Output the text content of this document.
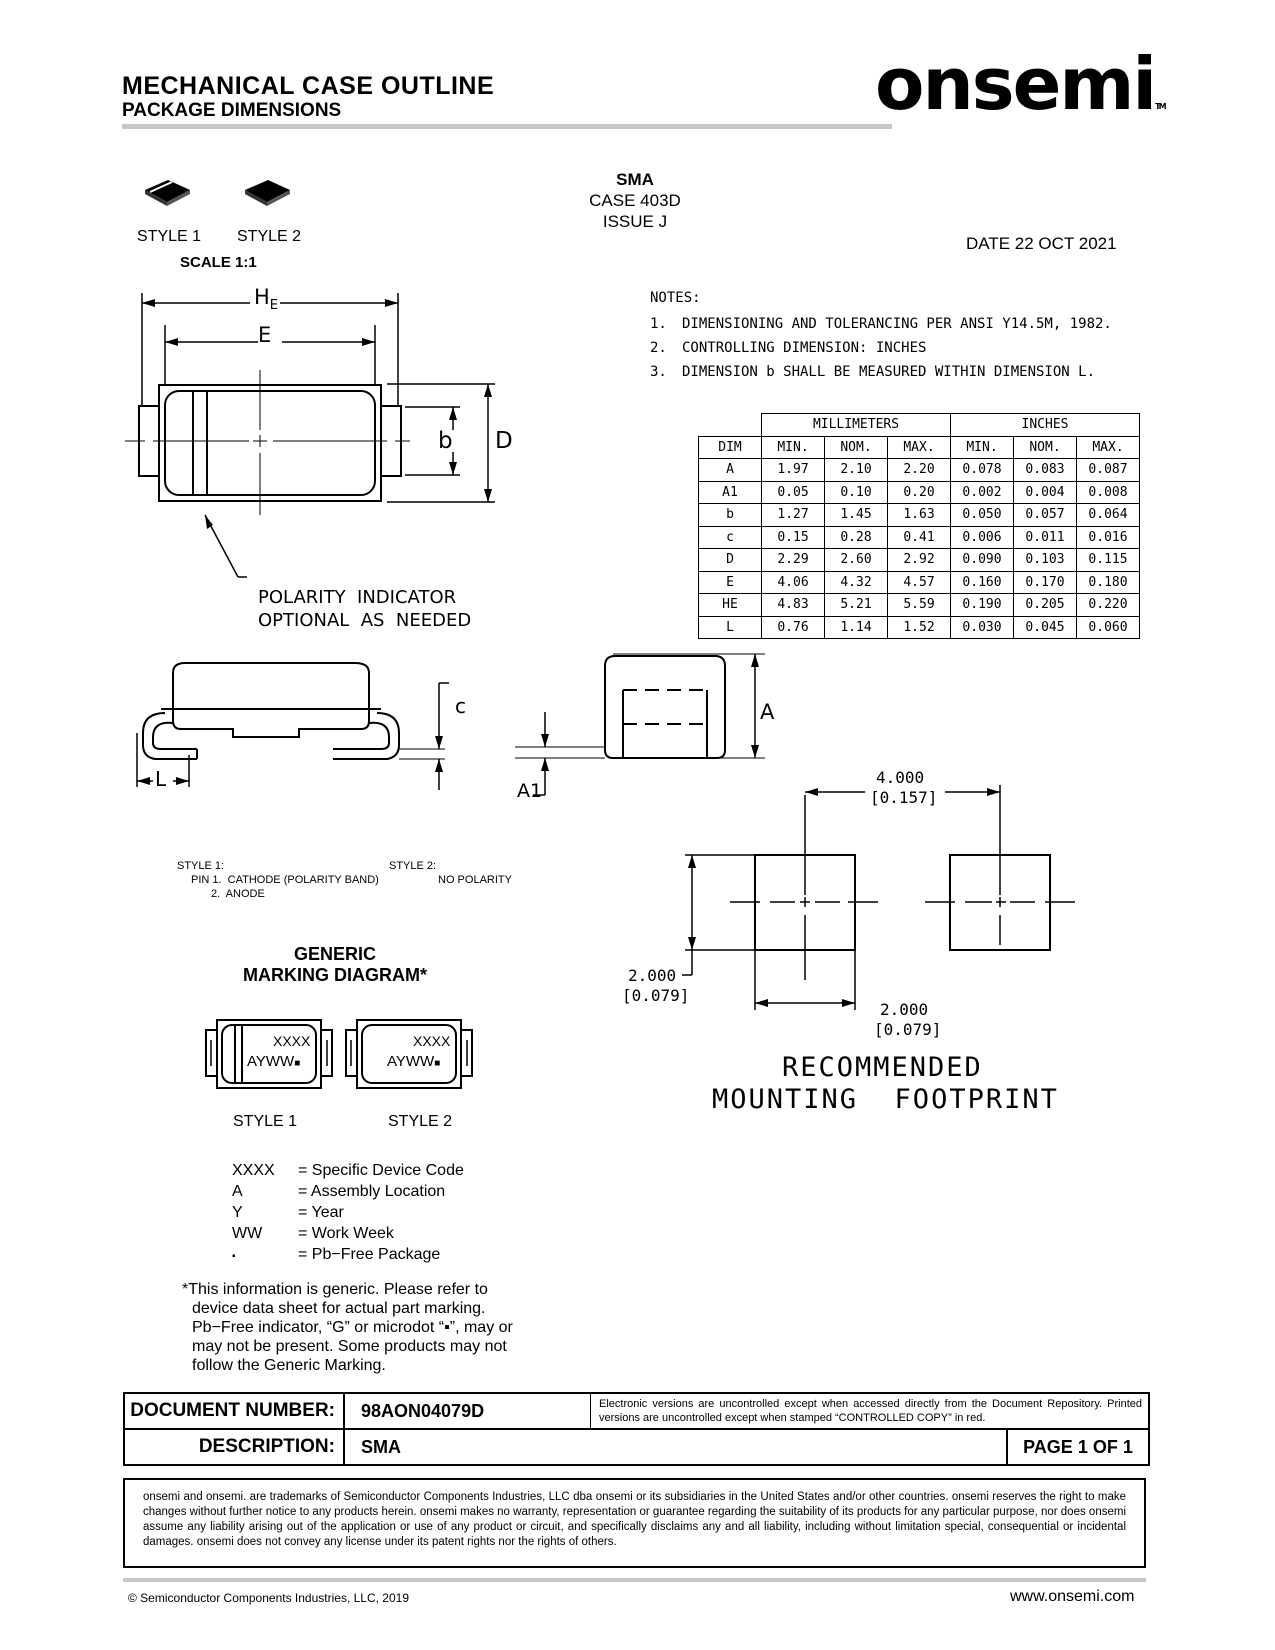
MECHANICAL CASE OUTLINE
PACKAGE DIMENSIONS	onsemiTM
SMA
CASE 403D
ISSUE J
DATE 22 OCT 2021
STYLE 1 STYLE 2
SCALE 1:1
$H_E$
E
b D
POLARITY  INDICATOR
OPTIONAL  AS  NEEDED
NOTES:
1. DIMENSIONING AND TOLERANCING PER ANSI Y14.5M, 1982.
2. CONTROLLING DIMENSION: INCHES
3. DIMENSION b SHALL BE MEASURED WITHIN DIMENSION L.
	MILLIMETERS			INCHES		
DIM	MIN.	NOM.	MAX.	MIN.	NOM.	MAX.
A	1.97	2.10	2.20	0.078	0.083	0.087
A1	0.05	0.10	0.20	0.002	0.004	0.008
b	1.27	1.45	1.63	0.050	0.057	0.064
c	0.15	0.28	0.41	0.006	0.011	0.016
D	2.29	2.60	2.92	0.090	0.103	0.115
E	4.06	4.32	4.57	0.160	0.170	0.180
HE	4.83	5.21	5.59	0.190	0.205	0.220
L	0.76	1.14	1.52	0.030	0.045	0.060
c
L
A
A1
STYLE 1:
PIN 1.  CATHODE (POLARITY BAND)
2.  ANODE
STYLE 2:
NO POLARITY
4.000
[0.157]
2.000
[0.079]
2.000
[0.079]
RECOMMENDED
MOUNTING  FOOTPRINT
GENERIC
MARKING DIAGRAM*
XXXX
AYWW■
XXXX
AYWW■
STYLE 1	STYLE 2
XXXX	= Specific Device Code
A	= Assembly Location
Y	= Year
WW	= Work Week
▪	= Pb−Free Package
*This information is generic. Please refer to device data sheet for actual part marking. Pb−Free indicator, “G” or microdot “▪”, may or may not be present. Some products may not follow the Generic Marking.
DOCUMENT NUMBER:	98AON04079D	Electronic versions are uncontrolled except when accessed directly from the Document Repository. Printed versions are uncontrolled except when stamped “CONTROLLED COPY” in red.
DESCRIPTION:	SMA	PAGE 1 OF 1
onsemi and onsemi. are trademarks of Semiconductor Components Industries, LLC dba onsemi or its subsidiaries in the United States and/or other countries. onsemi reserves the right to make changes without further notice to any products herein. onsemi makes no warranty, representation or guarantee regarding the suitability of its products for any particular purpose, nor does onsemi assume any liability arising out of the application or use of any product or circuit, and specifically disclaims any and all liability, including without limitation special, consequential or incidental damages. onsemi does not convey any license under its patent rights nor the rights of others.
© Semiconductor Components Industries, LLC, 2019	www.onsemi.com
